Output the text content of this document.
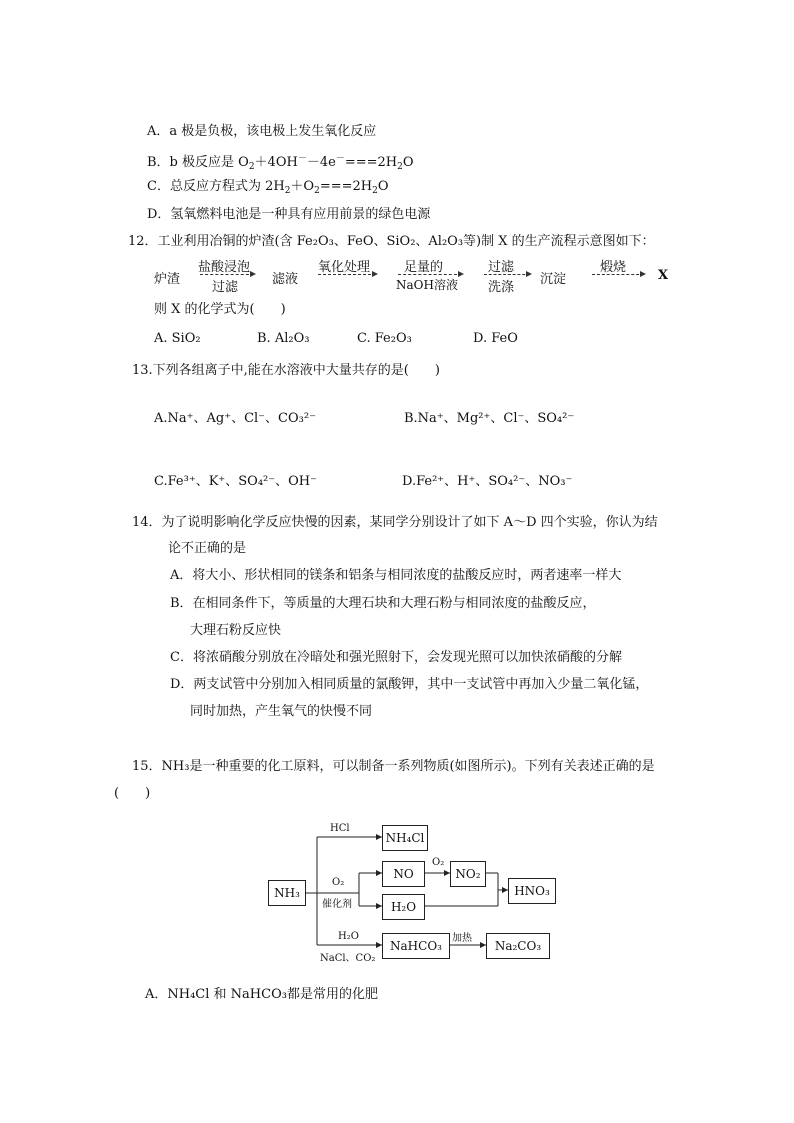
A．a 极是负极，该电极上发生氧化反应
B．b 极反应是 $O_2+4OH^--4e^-===2H_2O$
C．总反应方程式为 $2H_2+O_2===2H_2O$
D．氢氧燃料电池是一种具有应用前景的绿色电源
12．工业利用冶铜的炉渣(含 Fe₂O₃、FeO、SiO₂、Al₂O₃等)制 X 的生产流程示意图如下：
炉渣
盐酸浸泡
过滤
滤液
氧化处理	足量的
NaOH溶液
过滤
洗涤
沉淀
煅烧
X
则 X 的化学式为(　　)
A. SiO₂	B. Al₂O₃	C. Fe₂O₃	D. FeO
13.下列各组离子中,能在水溶液中大量共存的是(　　)
A.Na⁺、Ag⁺、Cl⁻、CO₃²⁻	B.Na⁺、Mg²⁺、Cl⁻、SO₄²⁻
C.Fe³⁺、K⁺、SO₄²⁻、OH⁻	D.Fe²⁺、H⁺、SO₄²⁻、NO₃⁻
14．为了说明影响化学反应快慢的因素，某同学分别设计了如下 A～D 四个实验，你认为结
论不正确的是
A．将大小、形状相同的镁条和铝条与相同浓度的盐酸反应时，两者速率一样大
B．在相同条件下，等质量的大理石块和大理石粉与相同浓度的盐酸反应，
大理石粉反应快
C．将浓硝酸分别放在冷暗处和强光照射下，会发现光照可以加快浓硝酸的分解
D．两支试管中分别加入相同质量的氯酸钾，其中一支试管中再加入少量二氧化锰，
同时加热，产生氧气的快慢不同
15．NH₃是一种重要的化工原料，可以制备一系列物质(如图所示)。下列有关表述正确的是
(　　)
NH₃
HCl
NH₄Cl
O₂
催化剂
NO
O₂
NO₂
H₂O
HNO₃
H₂O
NaCl、CO₂
NaHCO₃
加热
Na₂CO₃
A．NH₄Cl 和 NaHCO₃都是常用的化肥
